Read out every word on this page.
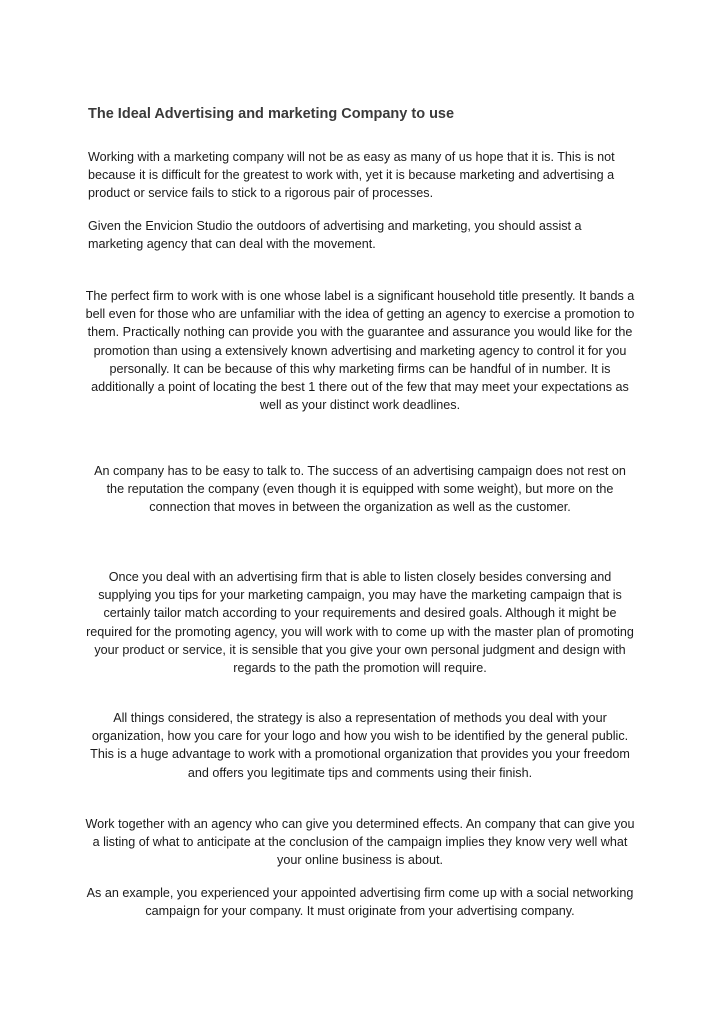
The Ideal Advertising and marketing Company to use

Working with a marketing company will not be as easy as many of us hope that it is. This is not because it is difficult for the greatest to work with, yet it is because marketing and advertising a product or service fails to stick to a rigorous pair of processes.

Given the Envicion Studio the outdoors of advertising and marketing, you should assist a marketing agency that can deal with the movement.

The perfect firm to work with is one whose label is a significant household title presently. It bands a bell even for those who are unfamiliar with the idea of getting an agency to exercise a promotion to them. Practically nothing can provide you with the guarantee and assurance you would like for the promotion than using a extensively known advertising and marketing agency to control it for you personally. It can be because of this why marketing firms can be handful of in number. It is additionally a point of locating the best 1 there out of the few that may meet your expectations as well as your distinct work deadlines.

An company has to be easy to talk to. The success of an advertising campaign does not rest on the reputation the company (even though it is equipped with some weight), but more on the connection that moves in between the organization as well as the customer.

Once you deal with an advertising firm that is able to listen closely besides conversing and supplying you tips for your marketing campaign, you may have the marketing campaign that is certainly tailor match according to your requirements and desired goals. Although it might be required for the promoting agency, you will work with to come up with the master plan of promoting your product or service, it is sensible that you give your own personal judgment and design with regards to the path the promotion will require.

All things considered, the strategy is also a representation of methods you deal with your organization, how you care for your logo and how you wish to be identified by the general public. This is a huge advantage to work with a promotional organization that provides you your freedom and offers you legitimate tips and comments using their finish.

Work together with an agency who can give you determined effects. An company that can give you a listing of what to anticipate at the conclusion of the campaign implies they know very well what your online business is about.

As an example, you experienced your appointed advertising firm come up with a social networking campaign for your company. It must originate from your advertising company.
